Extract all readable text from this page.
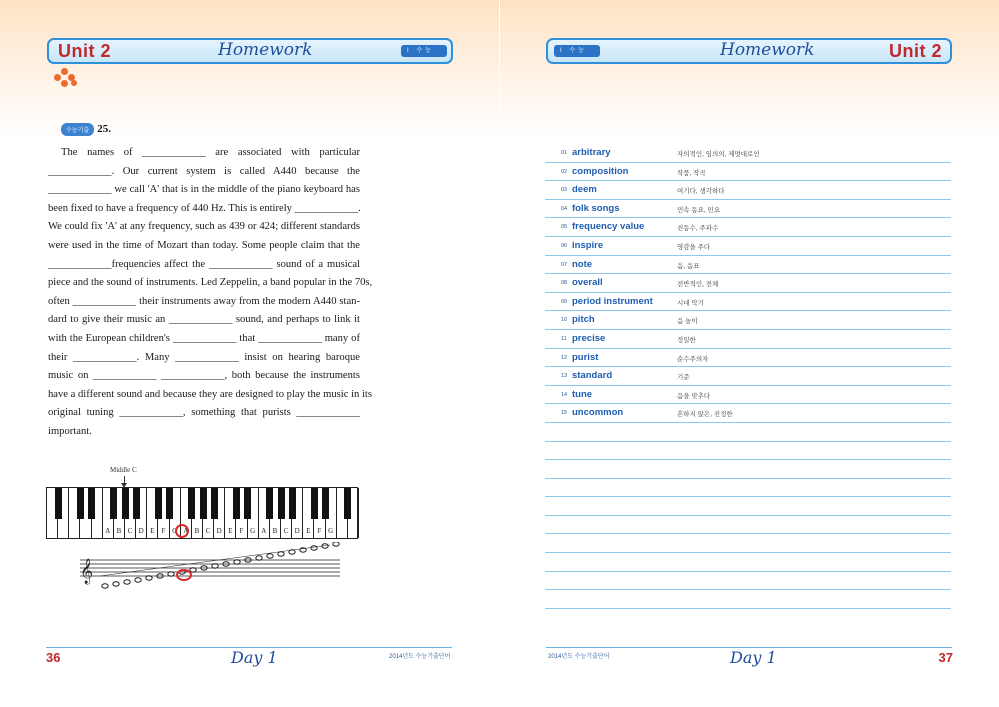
Unit 2	Homework	I 수능
수능기출 25.
The names of ____________ are associated with particular
____________. Our current system is called A440 because the
____________ we call 'A' that is in the middle of the piano keyboard has
been fixed to have a frequency of 440 Hz. This is entirely ____________.
We could fix 'A' at any frequency, such as 439 or 424; different standards
were used in the time of Mozart than today. Some people claim that the
____________frequencies affect the ____________ sound of a musical
piece and the sound of instruments. Led Zeppelin, a band popular in the 70s,
often ____________ their instruments away from the modern A440 stan-
dard to give their music an ____________ sound, and perhaps to link it
with the European children's ____________ that ____________ many of
their ____________. Many ____________ insist on hearing baroque
music on ____________ ____________, both because the instruments
have a different sound and because they are designed to play the music in its
original tuning ____________, something that purists ____________
important.
Middle C
A B C D E	F G A B C D E	F G A B C D E	F G
𝄞
36	Day 1	2014년도 수능기출단어
I 수능	Homework	Unit 2
2014년도 수능기출단어	Day 1	37
01 arbitrary	자의적인, 임의의, 제멋대로인
02 composition	작품, 작곡
03 deem	여기다, 생각하다
04 folk songs	민속 동요, 민요
05 frequency value	진동수, 주파수
06 inspire	영감을 주다
07 note	음, 음표
08 overall	전반적인, 전체
09 period instrument	시대 악기
10 pitch	음 높이
11 precise	정밀한
12 purist	순수주의자
13 standard	기준
14 tune	음을 맞추다
15 uncommon	흔하지 않은, 진정한
